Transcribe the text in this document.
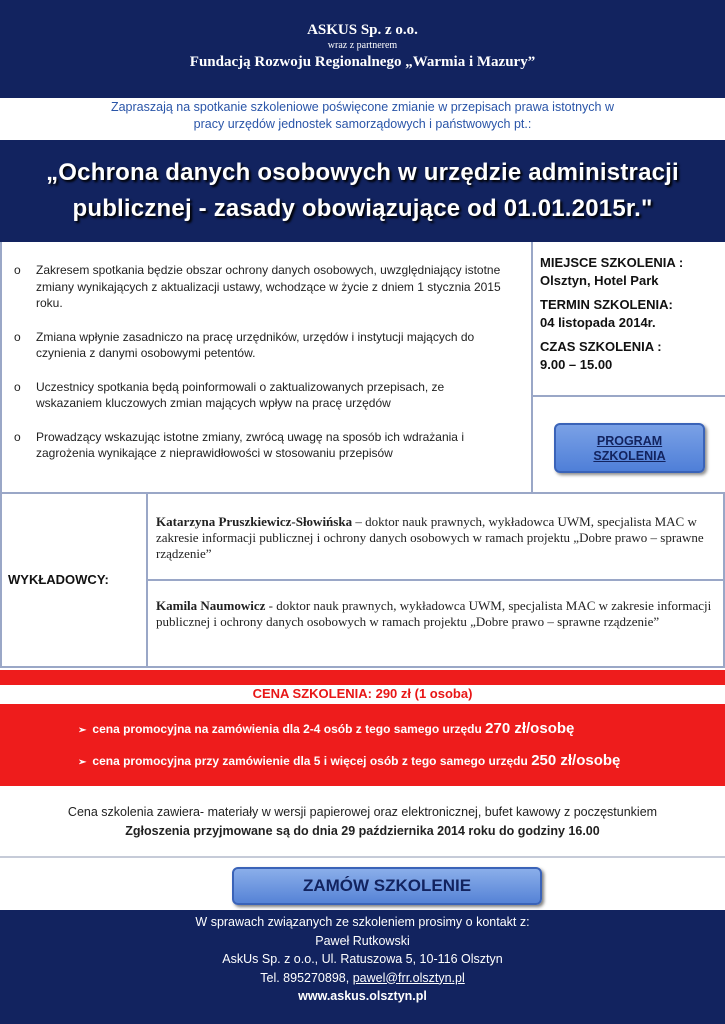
ASKUS Sp. z o.o.
wraz z partnerem
Fundacją Rozwoju Regionalnego „Warmia i Mazury”
Zapraszają na spotkanie szkoleniowe poświęcone zmianie w przepisach prawa istotnych w
pracy urzędów jednostek samorządowych i państwowych pt.:
„Ochrona danych osobowych w urzędzie administracji
publicznej - zasady obowiązujące od 01.01.2015r."
o Zakresem spotkania będzie obszar ochrony danych osobowych, uwzględniający istotne zmiany wynikających z aktualizacji ustawy, wchodzące w życie z dniem 1 stycznia 2015 roku.
o Zmiana wpłynie zasadniczo na pracę urzędników, urzędów i instytucji mających do czynienia z danymi osobowymi petentów.
o Uczestnicy spotkania będą poinformowali o zaktualizowanych przepisach, ze wskazaniem kluczowych zmian mających wpływ na pracę urzędów
o Prowadzący wskazując istotne zmiany, zwrócą uwagę na sposób ich wdrażania i zagrożenia wynikające z nieprawidłowości w stosowaniu przepisów
MIEJSCE SZKOLENIA :
Olsztyn, Hotel Park
TERMIN SZKOLENIA:
04 listopada 2014r.
CZAS SZKOLENIA :
9.00 – 15.00
PROGRAM
SZKOLENIA
WYKŁADOWCY:
Katarzyna Pruszkiewicz-Słowińska – doktor nauk prawnych, wykładowca UWM, specjalista MAC w zakresie informacji publicznej i ochrony danych osobowych w ramach projektu „Dobre prawo – sprawne rządzenie”
Kamila Naumowicz - doktor nauk prawnych, wykładowca UWM, specjalista MAC w zakresie informacji publicznej i ochrony danych osobowych w ramach projektu „Dobre prawo – sprawne rządzenie”
CENA SZKOLENIA: 290 zł (1 osoba)
➢ cena promocyjna na zamówienia dla 2-4 osób z tego samego urzędu 270 zł/osobę
➢ cena promocyjna przy zamówienie dla 5 i więcej osób z tego samego urzędu 250 zł/osobę
Cena szkolenia zawiera- materiały w wersji papierowej oraz elektronicznej, bufet kawowy z poczęstunkiem
Zgłoszenia przyjmowane są do dnia 29 października 2014 roku do godziny 16.00
ZAMÓW SZKOLENIE
W sprawach związanych ze szkoleniem prosimy o kontakt z:
Paweł Rutkowski
AskUs Sp. z o.o., Ul. Ratuszowa 5, 10-116 Olsztyn
Tel. 895270898, pawel@frr.olsztyn.pl
www.askus.olsztyn.pl
